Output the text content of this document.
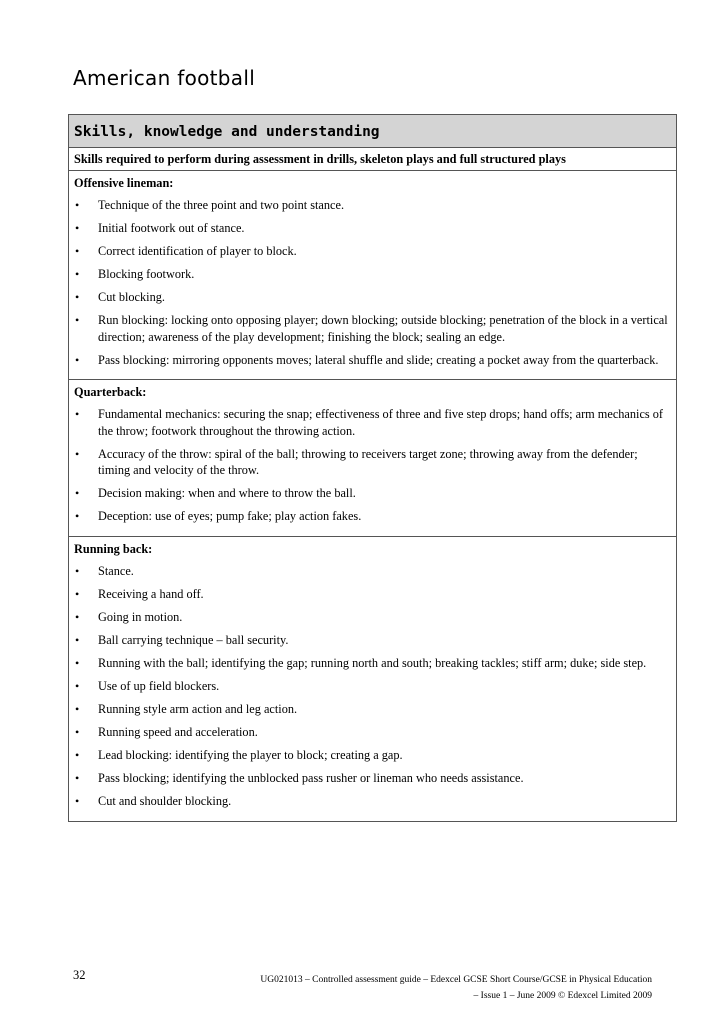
American football
Skills, knowledge and understanding
Skills required to perform during assessment in drills, skeleton plays and full structured plays
Offensive lineman:
• Technique of the three point and two point stance.
• Initial footwork out of stance.
• Correct identification of player to block.
• Blocking footwork.
• Cut blocking.
• Run blocking: locking onto opposing player; down blocking; outside blocking; penetration of the block in a vertical direction; awareness of the play development; finishing the block; sealing an edge.
• Pass blocking: mirroring opponents moves; lateral shuffle and slide; creating a pocket away from the quarterback.
Quarterback:
• Fundamental mechanics: securing the snap; effectiveness of three and five step drops; hand offs; arm mechanics of the throw; footwork throughout the throwing action.
• Accuracy of the throw: spiral of the ball; throwing to receivers target zone; throwing away from the defender; timing and velocity of the throw.
• Decision making: when and where to throw the ball.
• Deception: use of eyes; pump fake; play action fakes.
Running back:
• Stance.
• Receiving a hand off.
• Going in motion.
• Ball carrying technique – ball security.
• Running with the ball; identifying the gap; running north and south; breaking tackles; stiff arm; duke; side step.
• Use of up field blockers.
• Running style arm action and leg action.
• Running speed and acceleration.
• Lead blocking: identifying the player to block; creating a gap.
• Pass blocking; identifying the unblocked pass rusher or lineman who needs assistance.
• Cut and shoulder blocking.
32	UG021013 – Controlled assessment guide – Edexcel GCSE Short Course/GCSE in Physical Education
– Issue 1 – June 2009 © Edexcel Limited 2009
